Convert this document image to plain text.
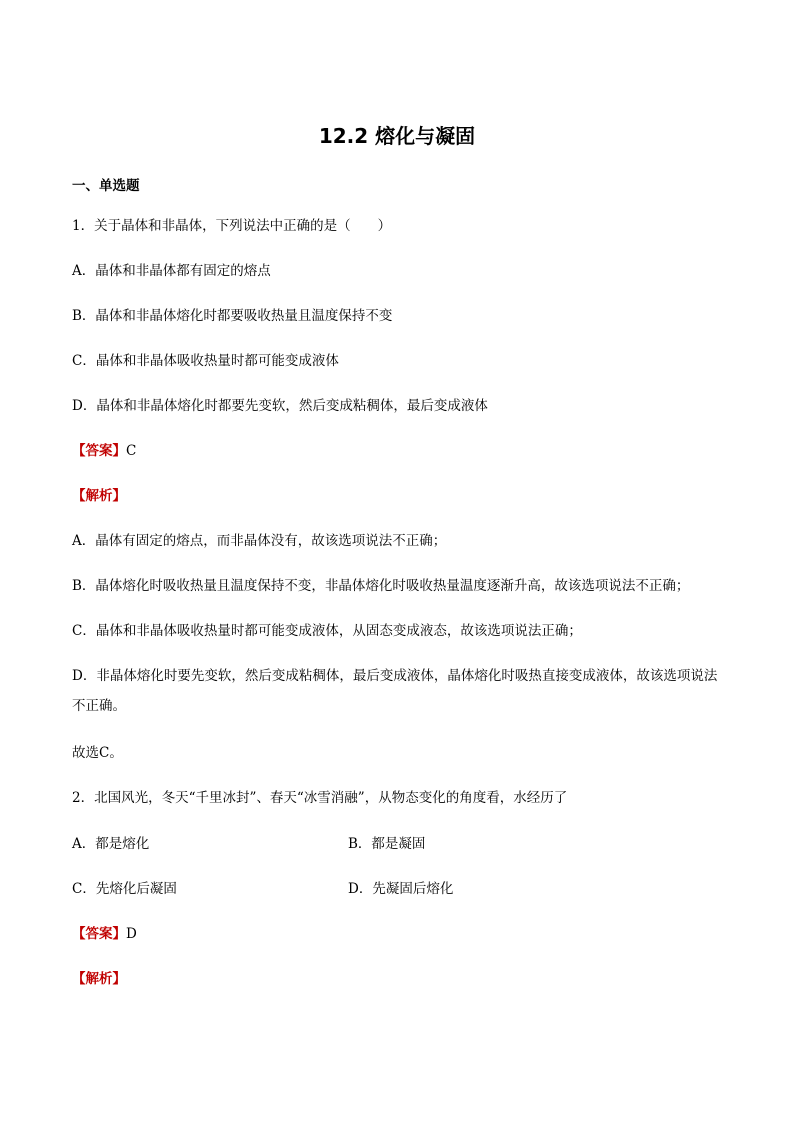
12.2 熔化与凝固
一、单选题
1．关于晶体和非晶体，下列说法中正确的是（　　）
A．晶体和非晶体都有固定的熔点
B．晶体和非晶体熔化时都要吸收热量且温度保持不变
C．晶体和非晶体吸收热量时都可能变成液体
D．晶体和非晶体熔化时都要先变软，然后变成粘稠体，最后变成液体
【答案】C
【解析】
A．晶体有固定的熔点，而非晶体没有，故该选项说法不正确；
B．晶体熔化时吸收热量且温度保持不变，非晶体熔化时吸收热量温度逐渐升高，故该选项说法不正确；
C．晶体和非晶体吸收热量时都可能变成液体，从固态变成液态，故该选项说法正确；
D．非晶体熔化时要先变软，然后变成粘稠体，最后变成液体，晶体熔化时吸热直接变成液体，故该选项说法不正确。
故选C。
2．北国风光，冬天“千里冰封”、春天“冰雪消融”，从物态变化的角度看，水经历了
A．都是熔化	B．都是凝固
C．先熔化后凝固	D．先凝固后熔化
【答案】D
【解析】
